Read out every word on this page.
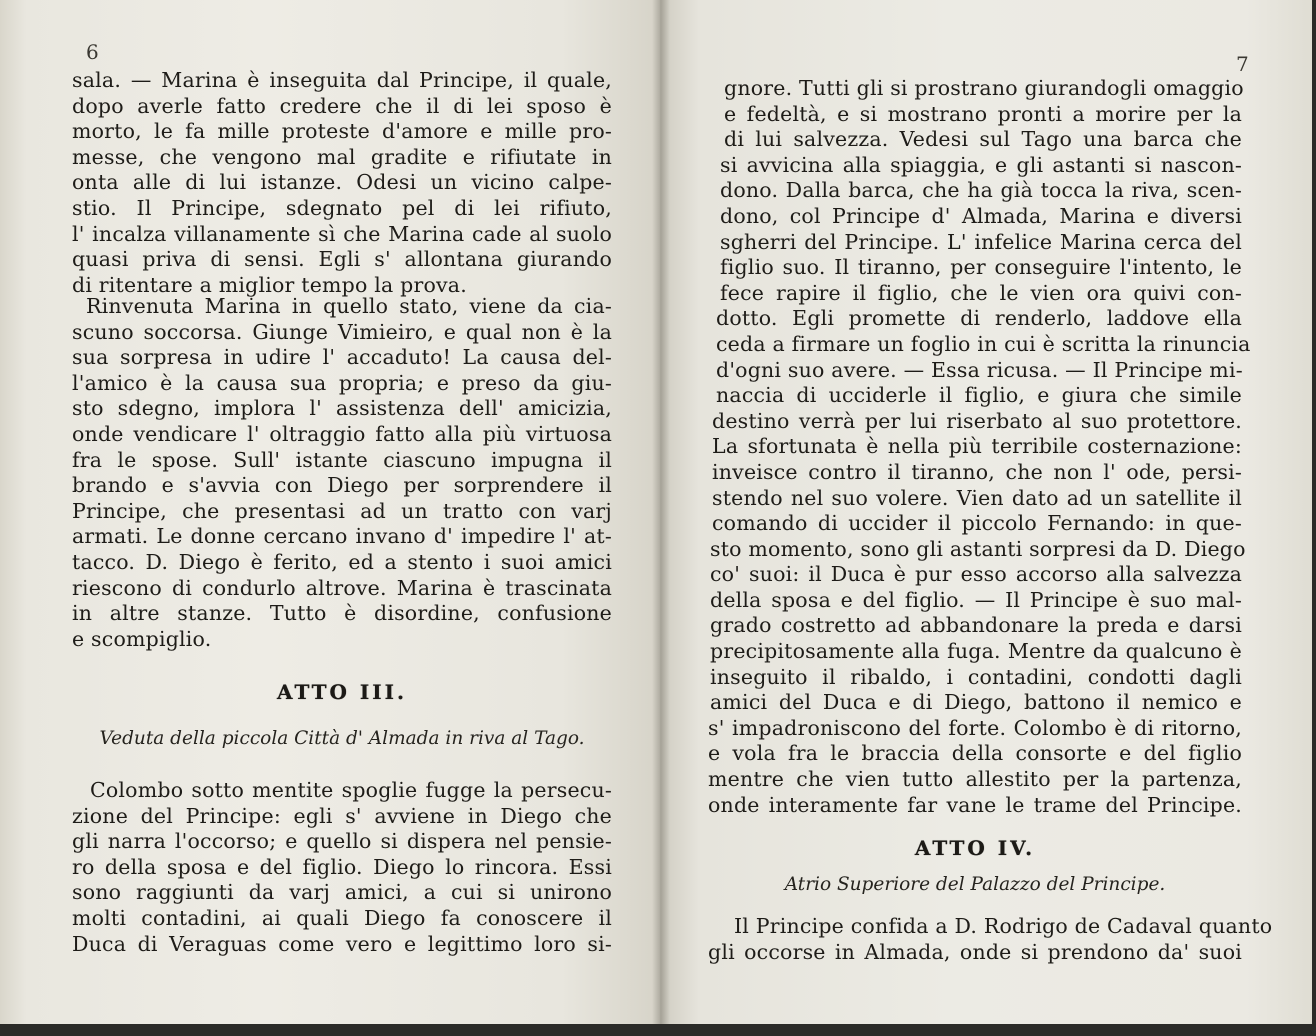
6
sala. — Marina è inseguita dal Principe, il quale,
dopo averle fatto credere che il di lei sposo è
morto, le fa mille proteste d'amore e mille pro-
messe, che vengono mal gradite e rifiutate in
onta alle di lui istanze. Odesi un vicino calpe-
stio. Il Principe, sdegnato pel di lei rifiuto,
l' incalza villanamente sì che Marina cade al suolo
quasi priva di sensi. Egli s' allontana giurando
di ritentare a miglior tempo la prova.
Rinvenuta Marina in quello stato, viene da cia-
scuno soccorsa. Giunge Vimieiro, e qual non è la
sua sorpresa in udire l' accaduto! La causa del-
l'amico è la causa sua propria; e preso da giu-
sto sdegno, implora l' assistenza dell' amicizia,
onde vendicare l' oltraggio fatto alla più virtuosa
fra le spose. Sull' istante ciascuno impugna il
brando e s'avvia con Diego per sorprendere il
Principe, che presentasi ad un tratto con varj
armati. Le donne cercano invano d' impedire l' at-
tacco. D. Diego è ferito, ed a stento i suoi amici
riescono di condurlo altrove. Marina è trascinata
in altre stanze. Tutto è disordine, confusione
e scompiglio.
ATTO III.
Veduta della piccola Città d' Almada in riva al Tago.
Colombo sotto mentite spoglie fugge la persecu-
zione del Principe: egli s' avviene in Diego che
gli narra l'occorso; e quello si dispera nel pensie-
ro della sposa e del figlio. Diego lo rincora. Essi
sono raggiunti da varj amici, a cui si unirono
molti contadini, ai quali Diego fa conoscere il
Duca di Veraguas come vero e legittimo loro si-
7
gnore. Tutti gli si prostrano giurandogli omaggio
e fedeltà, e si mostrano pronti a morire per la
di lui salvezza. Vedesi sul Tago una barca che
si avvicina alla spiaggia, e gli astanti si nascon-
dono. Dalla barca, che ha già tocca la riva, scen-
dono, col Principe d' Almada, Marina e diversi
sgherri del Principe. L' infelice Marina cerca del
figlio suo. Il tiranno, per conseguire l'intento, le
fece rapire il figlio, che le vien ora quivi con-
dotto. Egli promette di renderlo, laddove ella
ceda a firmare un foglio in cui è scritta la rinuncia
d'ogni suo avere. — Essa ricusa. — Il Principe mi-
naccia di ucciderle il figlio, e giura che simile
destino verrà per lui riserbato al suo protettore.
La sfortunata è nella più terribile costernazione:
inveisce contro il tiranno, che non l' ode, persi-
stendo nel suo volere. Vien dato ad un satellite il
comando di uccider il piccolo Fernando: in que-
sto momento, sono gli astanti sorpresi da D. Diego
co' suoi: il Duca è pur esso accorso alla salvezza
della sposa e del figlio. — Il Principe è suo mal-
grado costretto ad abbandonare la preda e darsi
precipitosamente alla fuga. Mentre da qualcuno è
inseguito il ribaldo, i contadini, condotti dagli
amici del Duca e di Diego, battono il nemico e
s' impadroniscono del forte. Colombo è di ritorno,
e vola fra le braccia della consorte e del figlio
mentre che vien tutto allestito per la partenza,
onde interamente far vane le trame del Principe.
ATTO IV.
Atrio Superiore del Palazzo del Principe.
Il Principe confida a D. Rodrigo de Cadaval quanto
gli occorse in Almada, onde si prendono da' suoi
